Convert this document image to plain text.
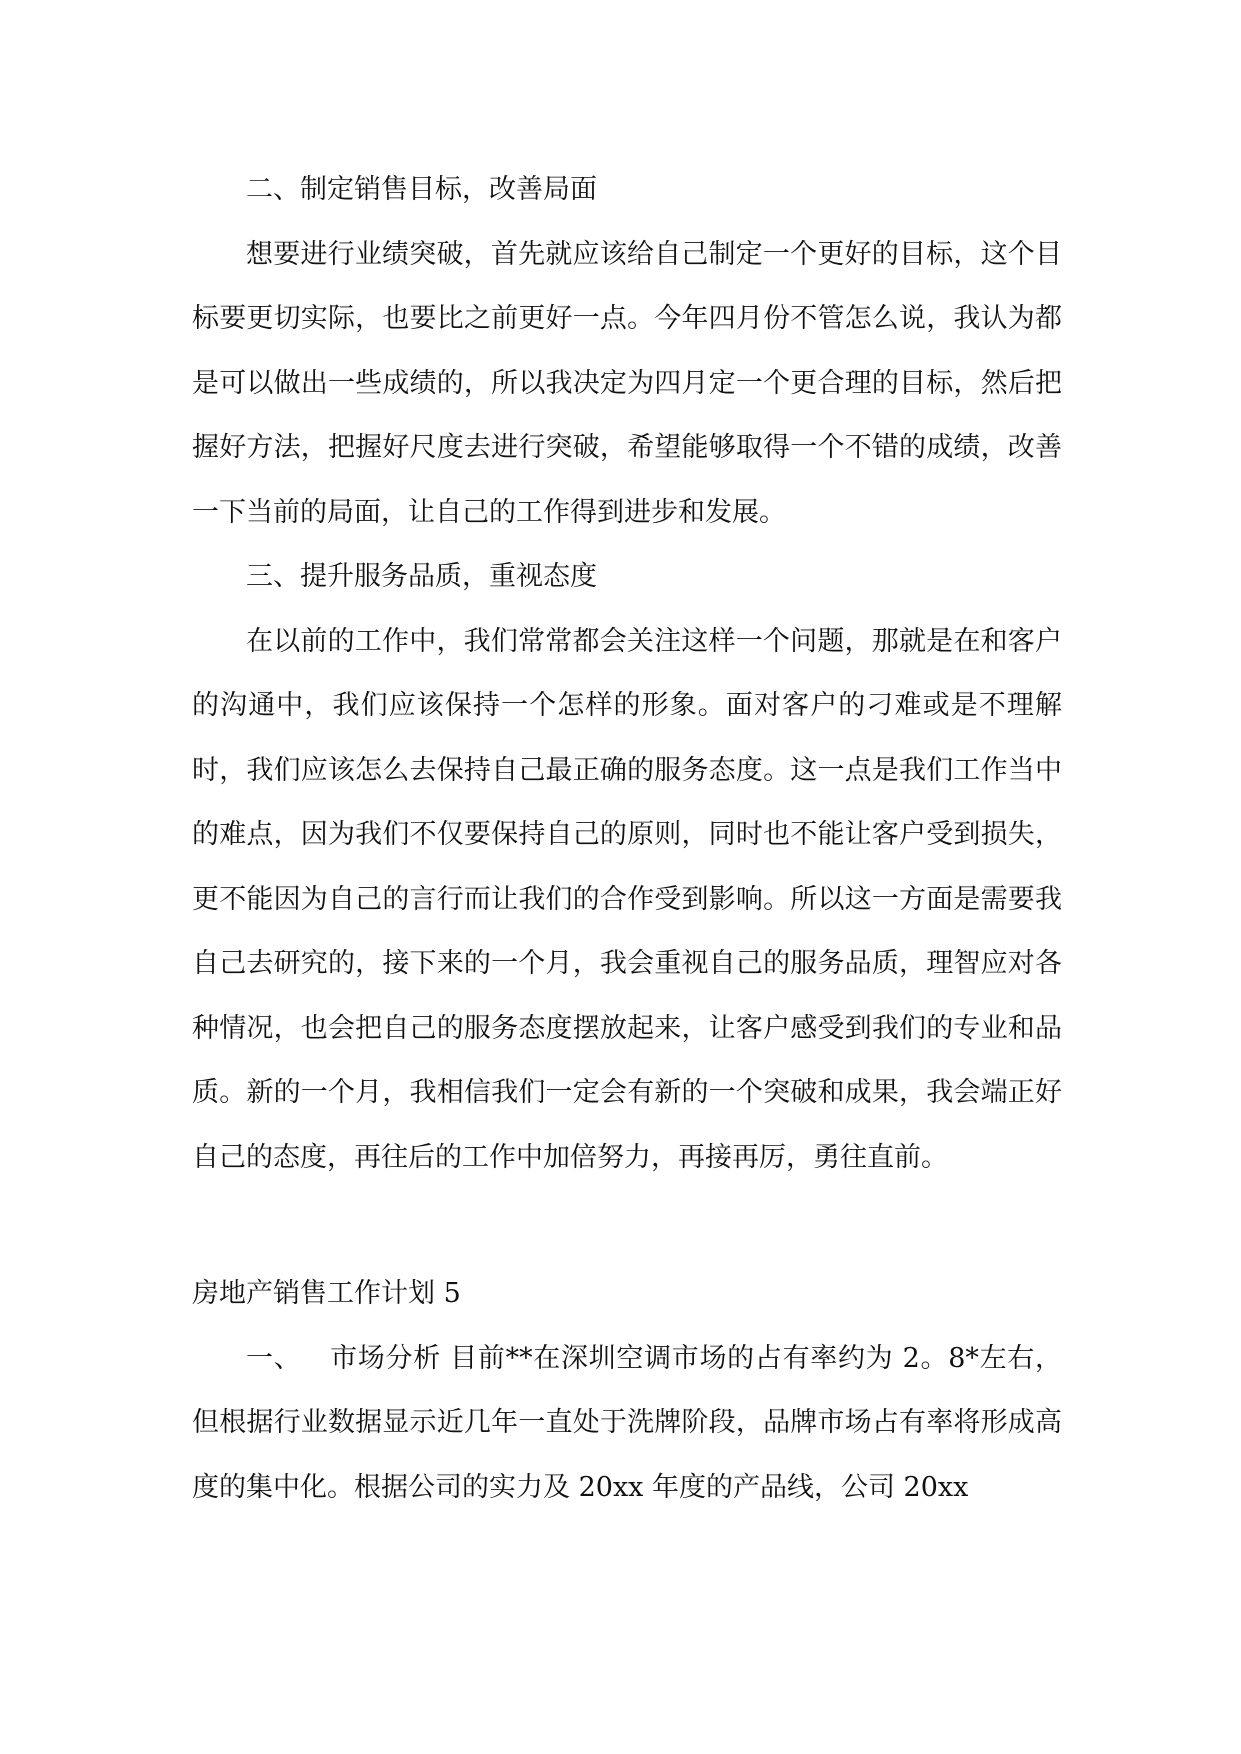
二、制定销售目标，改善局面

想要进行业绩突破，首先就应该给自己制定一个更好的目标，这个目标要更切实际，也要比之前更好一点。今年四月份不管怎么说，我认为都是可以做出一些成绩的，所以我决定为四月定一个更合理的目标，然后把握好方法，把握好尺度去进行突破，希望能够取得一个不错的成绩，改善一下当前的局面，让自己的工作得到进步和发展。

三、提升服务品质，重视态度

在以前的工作中，我们常常都会关注这样一个问题，那就是在和客户的沟通中，我们应该保持一个怎样的形象。面对客户的刁难或是不理解时，我们应该怎么去保持自己最正确的服务态度。这一点是我们工作当中的难点，因为我们不仅要保持自己的原则，同时也不能让客户受到损失，更不能因为自己的言行而让我们的合作受到影响。所以这一方面是需要我自己去研究的，接下来的一个月，我会重视自己的服务品质，理智应对各种情况，也会把自己的服务态度摆放起来，让客户感受到我们的专业和品质。新的一个月，我相信我们一定会有新的一个突破和成果，我会端正好自己的态度，再往后的工作中加倍努力，再接再厉，勇往直前。

房地产销售工作计划 5

一、 市场分析 目前**在深圳空调市场的占有率约为 2。8*左右，但根据行业数据显示近几年一直处于洗牌阶段，品牌市场占有率将形成高度的集中化。根据公司的实力及 20xx 年度的产品线，公司 20xx
